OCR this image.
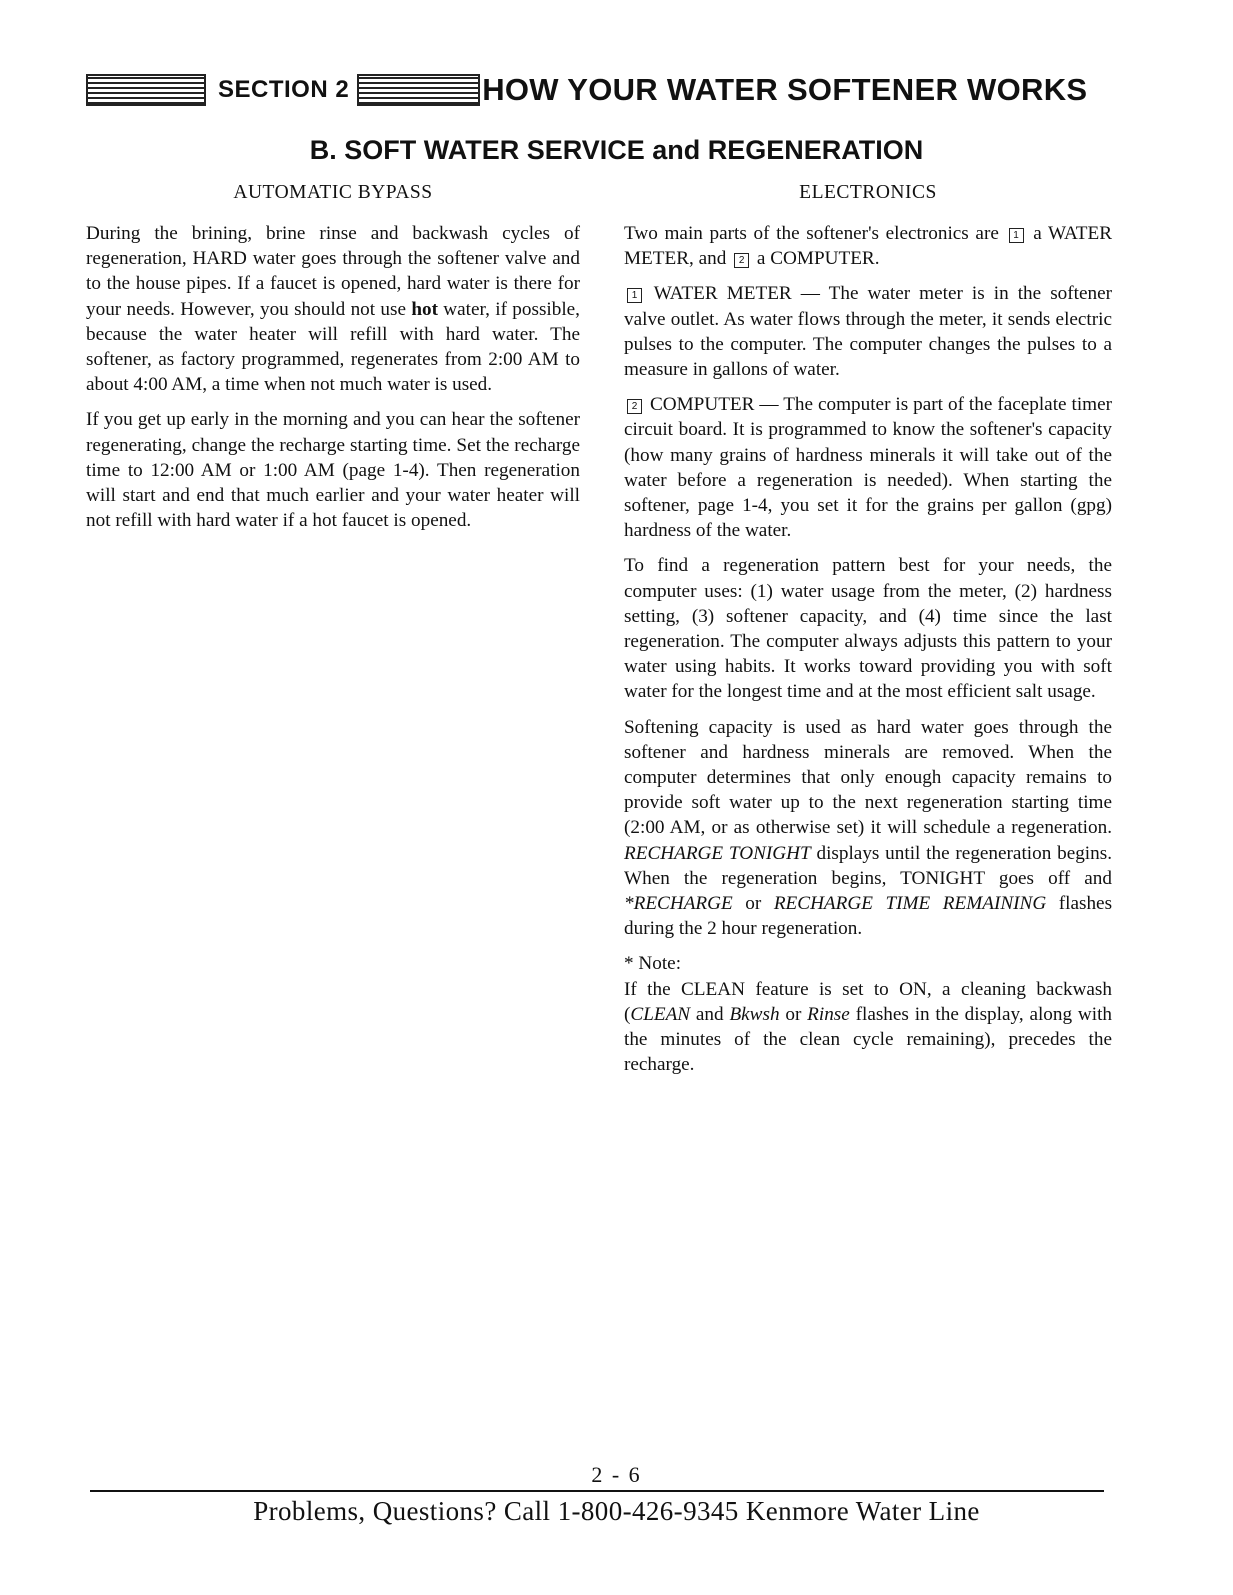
SECTION 2	HOW YOUR WATER SOFTENER WORKS
B. SOFT WATER SERVICE and REGENERATION
AUTOMATIC BYPASS

During the brining, brine rinse and backwash cycles of regeneration, HARD water goes through the softener valve and to the house pipes. If a faucet is opened, hard water is there for your needs. However, you should not use hot water, if possible, because the water heater will refill with hard water. The softener, as factory programmed, regenerates from 2:00 AM to about 4:00 AM, a time when not much water is used.

If you get up early in the morning and you can hear the softener regenerating, change the recharge starting time. Set the recharge time to 12:00 AM or 1:00 AM (page 1-4). Then regeneration will start and end that much earlier and your water heater will not refill with hard water if a hot faucet is opened.

ELECTRONICS

Two main parts of the softener's electronics are 1 a WATER METER, and 2 a COMPUTER.

1 WATER METER — The water meter is in the softener valve outlet. As water flows through the meter, it sends electric pulses to the computer. The computer changes the pulses to a measure in gallons of water.

2 COMPUTER — The computer is part of the faceplate timer circuit board. It is programmed to know the softener's capacity (how many grains of hardness minerals it will take out of the water before a regeneration is needed). When starting the softener, page 1-4, you set it for the grains per gallon (gpg) hardness of the water.

To find a regeneration pattern best for your needs, the computer uses: (1) water usage from the meter, (2) hardness setting, (3) softener capacity, and (4) time since the last regeneration. The computer always adjusts this pattern to your water using habits. It works toward providing you with soft water for the longest time and at the most efficient salt usage.

Softening capacity is used as hard water goes through the softener and hardness minerals are removed. When the computer determines that only enough capacity remains to provide soft water up to the next regeneration starting time (2:00 AM, or as otherwise set) it will schedule a regeneration. RECHARGE TONIGHT displays until the regeneration begins. When the regeneration begins, TONIGHT goes off and *RECHARGE or RECHARGE TIME REMAINING flashes during the 2 hour regeneration.

* Note:

If the CLEAN feature is set to ON, a cleaning backwash (CLEAN and Bkwsh or Rinse flashes in the display, along with the minutes of the clean cycle remaining), precedes the recharge.

2 - 6
Problems, Questions? Call 1-800-426-9345 Kenmore Water Line
